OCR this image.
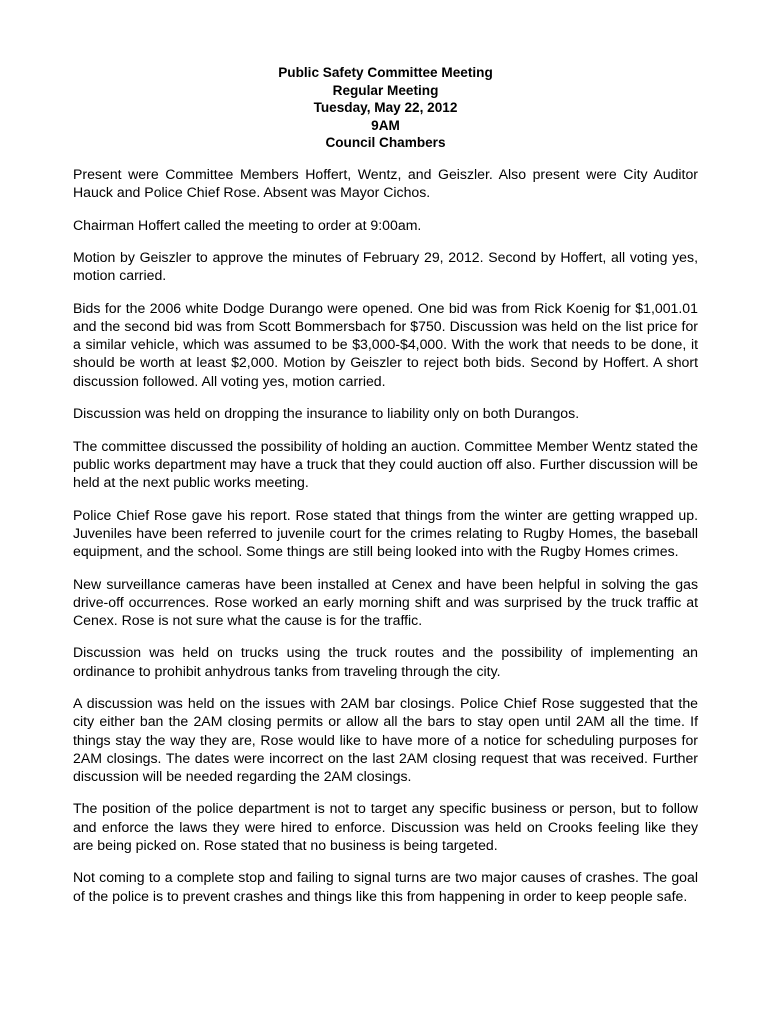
Public Safety Committee Meeting
Regular Meeting
Tuesday, May 22, 2012
9AM
Council Chambers

Present were Committee Members Hoffert, Wentz, and Geiszler. Also present were City Auditor Hauck and Police Chief Rose. Absent was Mayor Cichos.

Chairman Hoffert called the meeting to order at 9:00am.

Motion by Geiszler to approve the minutes of February 29, 2012. Second by Hoffert, all voting yes, motion carried.

Bids for the 2006 white Dodge Durango were opened. One bid was from Rick Koenig for $1,001.01 and the second bid was from Scott Bommersbach for $750. Discussion was held on the list price for a similar vehicle, which was assumed to be $3,000-$4,000. With the work that needs to be done, it should be worth at least $2,000. Motion by Geiszler to reject both bids. Second by Hoffert. A short discussion followed. All voting yes, motion carried.

Discussion was held on dropping the insurance to liability only on both Durangos.

The committee discussed the possibility of holding an auction. Committee Member Wentz stated the public works department may have a truck that they could auction off also. Further discussion will be held at the next public works meeting.

Police Chief Rose gave his report. Rose stated that things from the winter are getting wrapped up. Juveniles have been referred to juvenile court for the crimes relating to Rugby Homes, the baseball equipment, and the school. Some things are still being looked into with the Rugby Homes crimes.

New surveillance cameras have been installed at Cenex and have been helpful in solving the gas drive-off occurrences. Rose worked an early morning shift and was surprised by the truck traffic at Cenex. Rose is not sure what the cause is for the traffic.

Discussion was held on trucks using the truck routes and the possibility of implementing an ordinance to prohibit anhydrous tanks from traveling through the city.

A discussion was held on the issues with 2AM bar closings. Police Chief Rose suggested that the city either ban the 2AM closing permits or allow all the bars to stay open until 2AM all the time. If things stay the way they are, Rose would like to have more of a notice for scheduling purposes for 2AM closings. The dates were incorrect on the last 2AM closing request that was received. Further discussion will be needed regarding the 2AM closings.

The position of the police department is not to target any specific business or person, but to follow and enforce the laws they were hired to enforce. Discussion was held on Crooks feeling like they are being picked on. Rose stated that no business is being targeted.

Not coming to a complete stop and failing to signal turns are two major causes of crashes. The goal of the police is to prevent crashes and things like this from happening in order to keep people safe.
